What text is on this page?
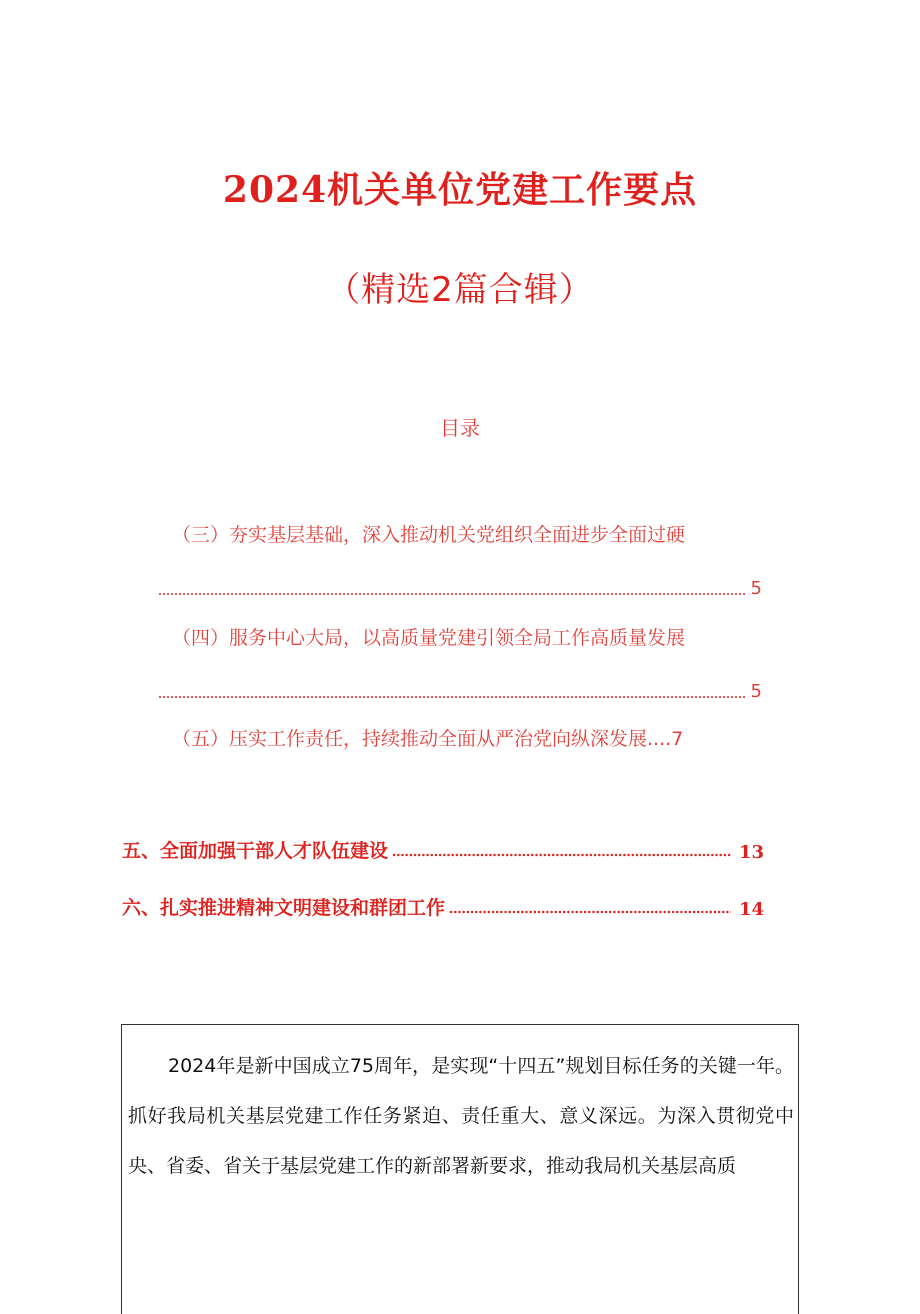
2024机关单位党建工作要点
（精选2篇合辑）
目录
（三）夯实基层基础，深入推动机关党组织全面进步全面过硬
5
（四）服务中心大局，以高质量党建引领全局工作高质量发展
5
（五）压实工作责任，持续推动全面从严治党向纵深发展....7
五、全面加强干部人才队伍建设	13
六、扎实推进精神文明建设和群团工作	14

2024年是新中国成立75周年，是实现“十四五”规划目标任务的关键一年。抓好我局机关基层党建工作任务紧迫、责任重大、意义深远。为深入贯彻党中央、省委、省关于基层党建工作的新部署新要求，推动我局机关基层高质
